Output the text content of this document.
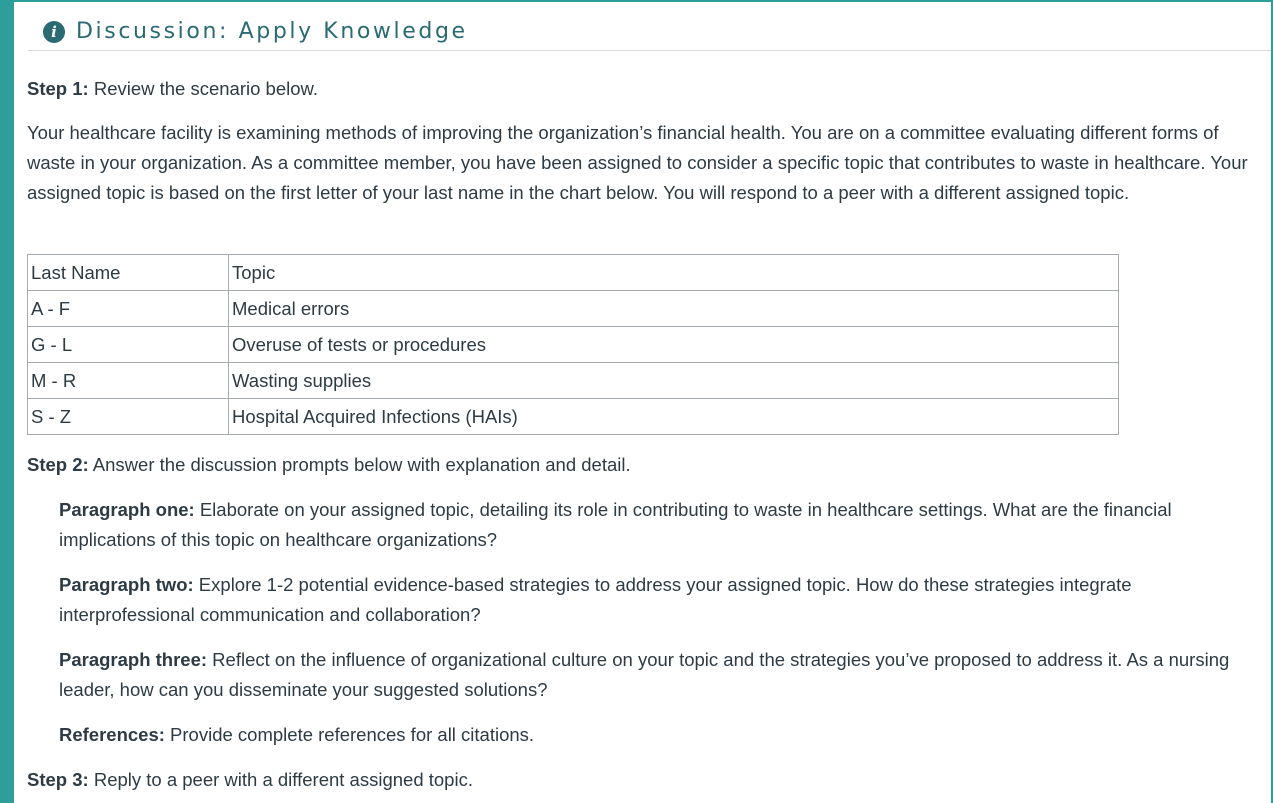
i Discussion: Apply Knowledge

Step 1: Review the scenario below.

Your healthcare facility is examining methods of improving the organization’s financial health. You are on a committee evaluating different forms of waste in your organization. As a committee member, you have been assigned to consider a specific topic that contributes to waste in healthcare. Your assigned topic is based on the first letter of your last name in the chart below. You will respond to a peer with a different assigned topic.

Step 2: Answer the discussion prompts below with explanation and detail.

Paragraph one: Elaborate on your assigned topic, detailing its role in contributing to waste in healthcare settings. What are the financial implications of this topic on healthcare organizations?

Paragraph two: Explore 1-2 potential evidence-based strategies to address your assigned topic. How do these strategies integrate interprofessional communication and collaboration?

Paragraph three: Reflect on the influence of organizational culture on your topic and the strategies you’ve proposed to address it. As a nursing leader, how can you disseminate your suggested solutions?

References: Provide complete references for all citations.

Step 3: Reply to a peer with a different assigned topic.

Last Name	Topic
A - F	Medical errors
G - L	Overuse of tests or procedures
M - R	Wasting supplies
S - Z	Hospital Acquired Infections (HAIs)
